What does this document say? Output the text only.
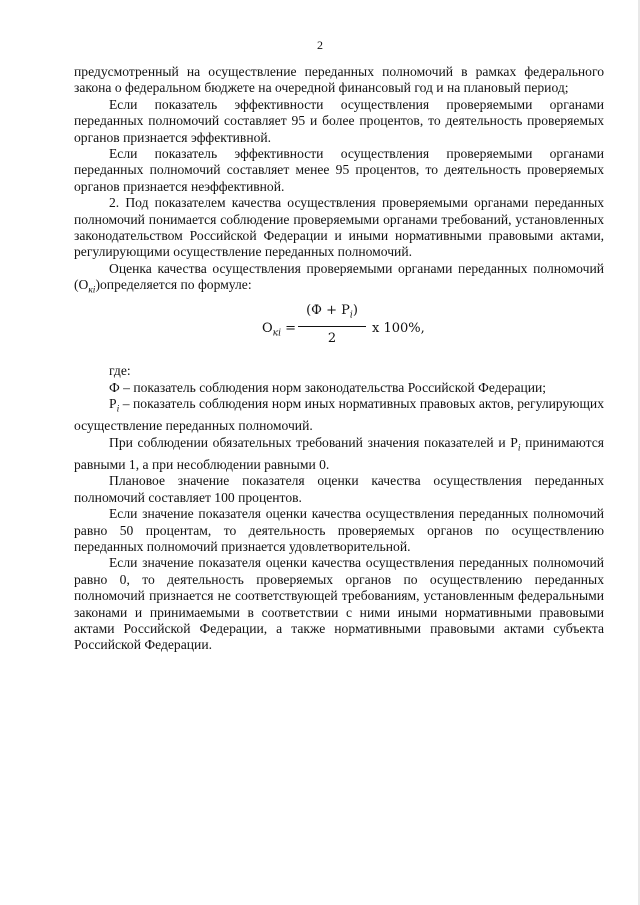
2

предусмотренный на осуществление переданных полномочий в рамках федерального закона о федеральном бюджете на очередной финансовый год и на плановый период;

Если показатель эффективности осуществления проверяемыми органами переданных полномочий составляет 95 и более процентов, то деятельность проверяемых органов признается эффективной.

Если показатель эффективности осуществления проверяемыми органами переданных полномочий составляет менее 95 процентов, то деятельность проверяемых органов признается неэффективной.

2. Под показателем качества осуществления проверяемыми органами переданных полномочий понимается соблюдение проверяемыми органами требований, установленных законодательством Российской Федерации и иными нормативными правовыми актами, регулирующими осуществление переданных полномочий.

Оценка качества осуществления проверяемыми органами переданных полномочий $(O_{кi})определяется$ по формуле:

$O_{кi}$ =
$(Ф + P_i)$
2
x 100%,

где:

Ф – показатель соблюдения норм законодательства Российской Федерации;

$P_i$ – показатель соблюдения норм иных нормативных правовых актов, регулирующих осуществление переданных полномочий.

При соблюдении обязательных требований значения показателей и $P_i$ принимаются равными 1, а при несоблюдении равными 0.

Плановое значение показателя оценки качества осуществления переданных полномочий составляет 100 процентов.

Если значение показателя оценки качества осуществления переданных полномочий равно 50 процентам, то деятельность проверяемых органов по осуществлению переданных полномочий признается удовлетворительной.

Если значение показателя оценки качества осуществления переданных полномочий равно 0, то деятельность проверяемых органов по осуществлению переданных полномочий признается не соответствующей требованиям, установленным федеральными законами и принимаемыми в соответствии с ними иными нормативными правовыми актами Российской Федерации, а также нормативными правовыми актами субъекта Российской Федерации.
